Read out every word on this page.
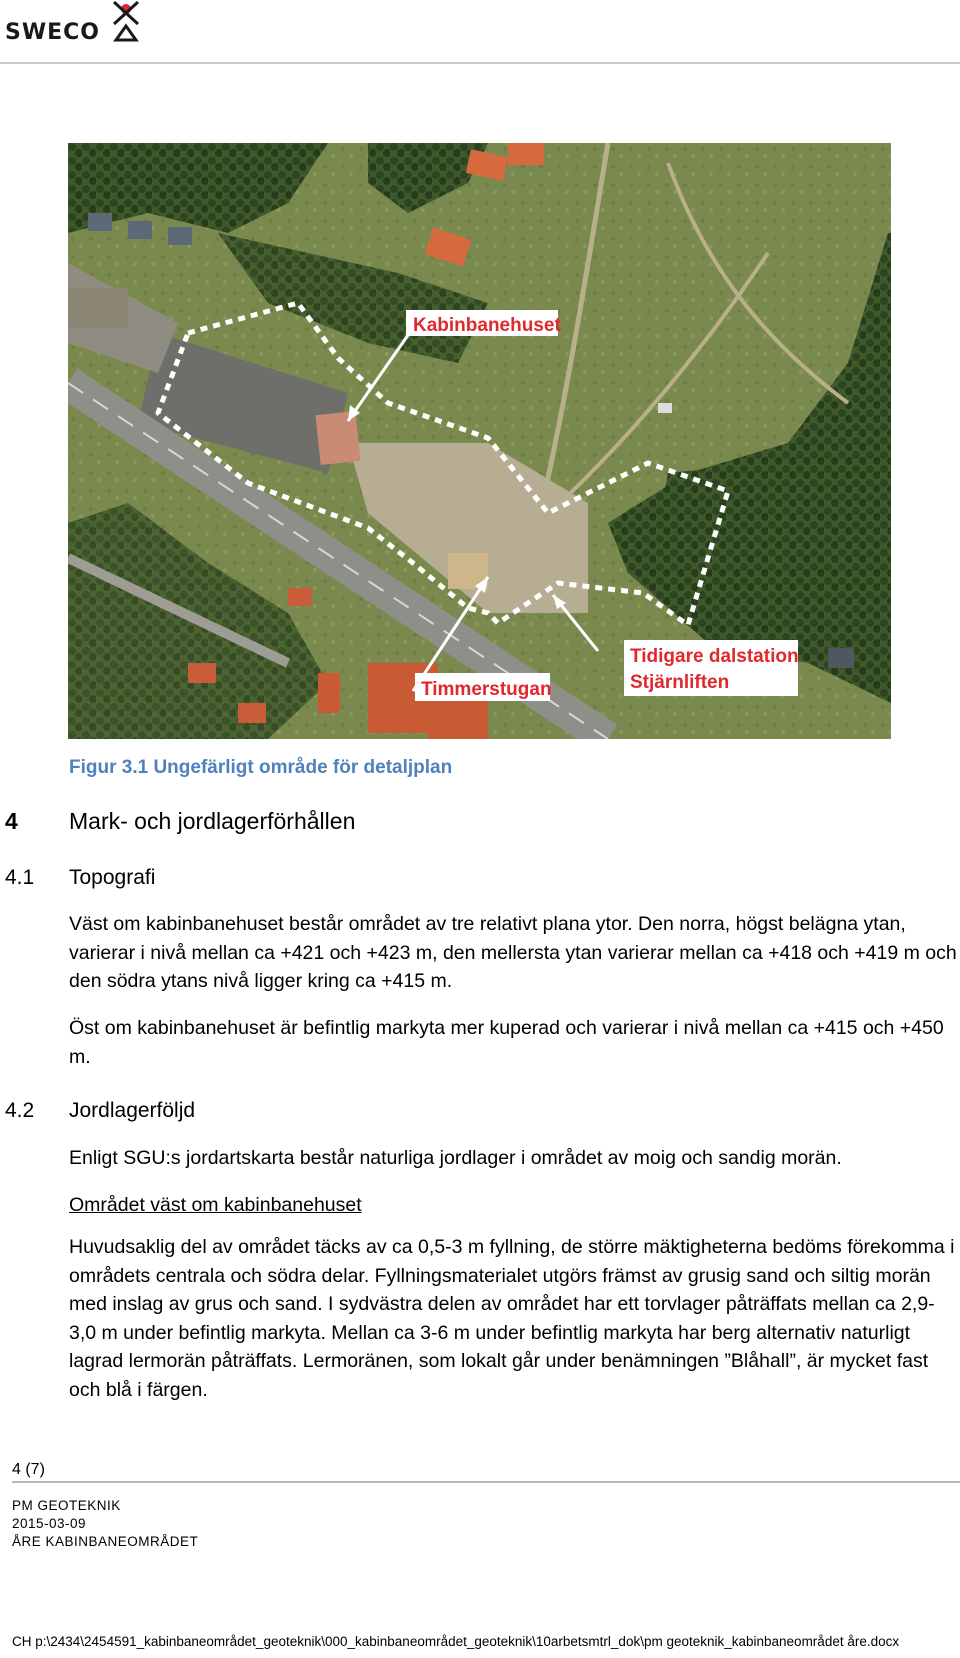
SWECO
Kabinbanehuset
Tidigare dalstation
Stjärnliften
Timmerstugan
Figur 3.1 Ungefärligt område för detaljplan
4 Mark- och jordlagerförhållen
4.1 Topografi
Väst om kabinbanehuset består området av tre relativt plana ytor. Den norra, högst belägna ytan, varierar i nivå mellan ca +421 och +423 m, den mellersta ytan varierar mellan ca +418 och +419 m och den södra ytans nivå ligger kring ca +415 m.
Öst om kabinbanehuset är befintlig markyta mer kuperad och varierar i nivå mellan ca +415 och +450 m.
4.2 Jordlagerföljd
Enligt SGU:s jordartskarta består naturliga jordlager i området av moig och sandig morän.
Området väst om kabinbanehuset
Huvudsaklig del av området täcks av ca 0,5-3 m fyllning, de större mäktigheterna bedöms förekomma i områdets centrala och södra delar. Fyllningsmaterialet utgörs främst av grusig sand och siltig morän med inslag av grus och sand. I sydvästra delen av området har ett torvlager påträffats mellan ca 2,9-3,0 m under befintlig markyta. Mellan ca 3-6 m under befintlig markyta har berg alternativ naturligt lagrad lermorän påträffats. Lermoränen, som lokalt går under benämningen ”Blåhall”, är mycket fast och blå i färgen.
4 (7)
PM GEOTEKNIK
2015-03-09
ÅRE KABINBANEOMRÅDET
CH p:\2434\2454591_kabinbaneområdet_geoteknik\000_kabinbaneområdet_geoteknik\10arbetsmtrl_dok\pm geoteknik_kabinbaneområdet åre.docx
